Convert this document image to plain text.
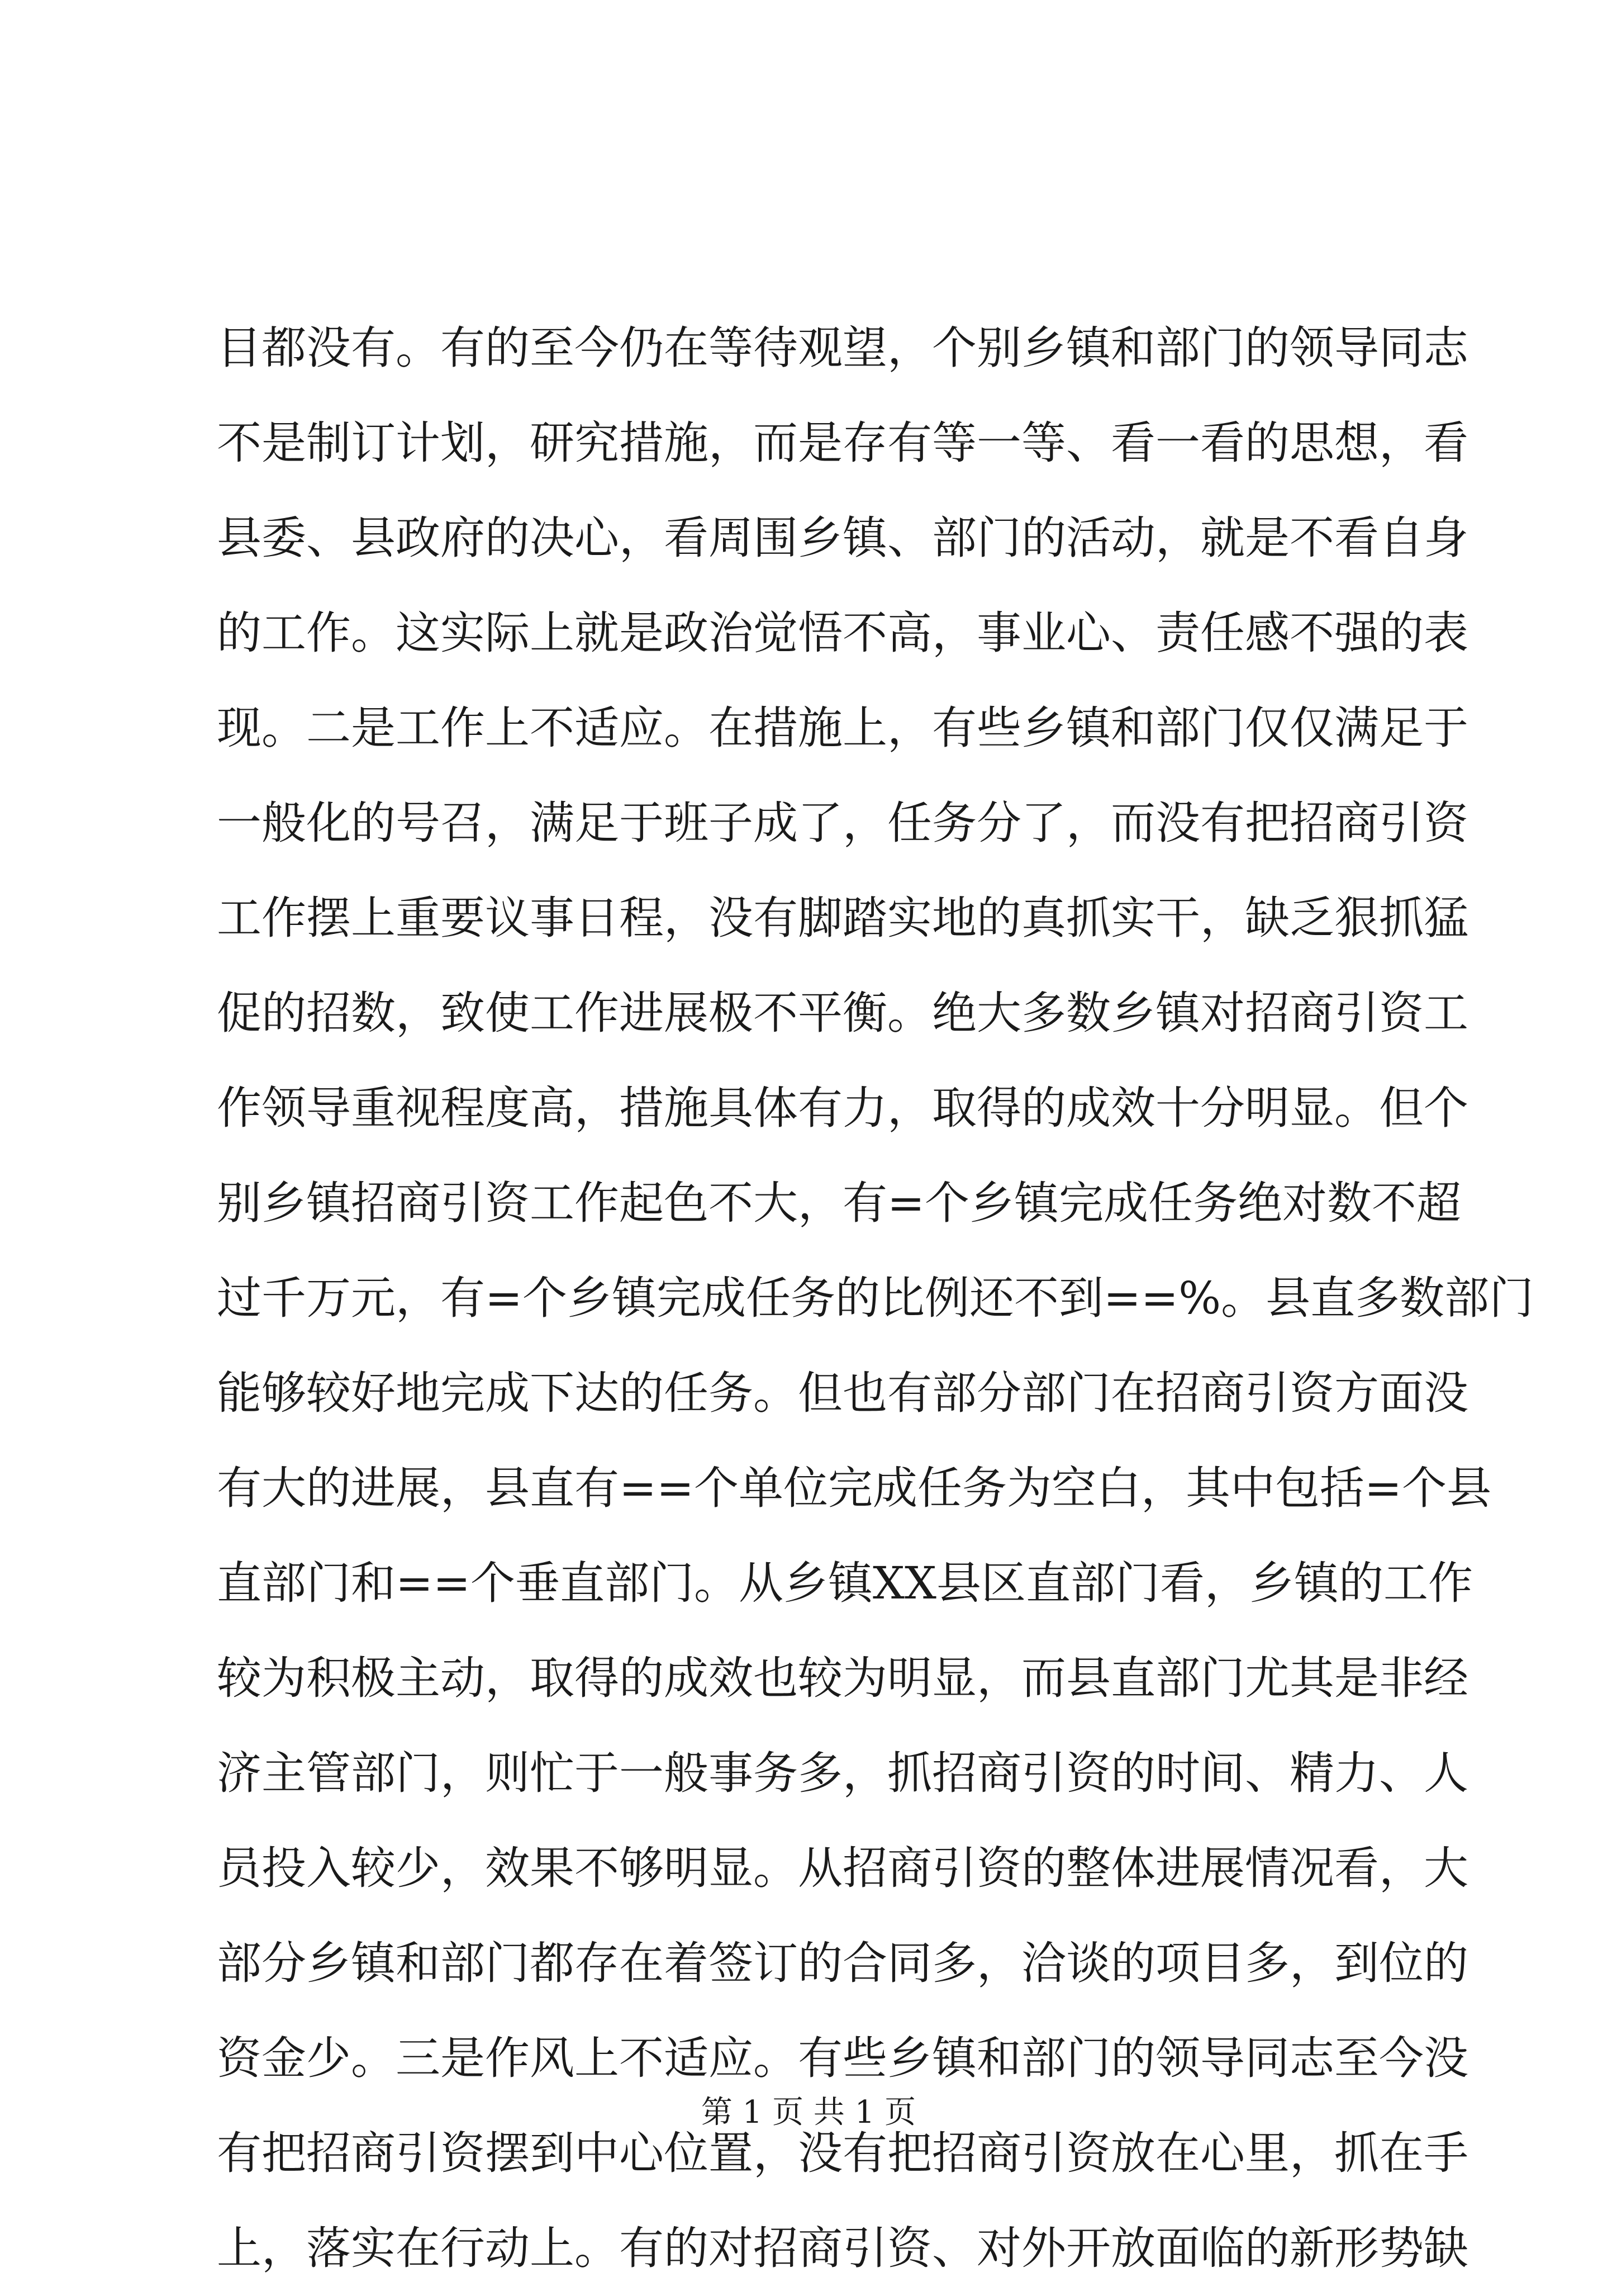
目都没有。有的至今仍在等待观望，个别乡镇和部门的领导同志
不是制订计划，研究措施，而是存有等一等、看一看的思想，看
县委、县政府的决心，看周围乡镇、部门的活动，就是不看自身
的工作。这实际上就是政治觉悟不高，事业心、责任感不强的表
现。二是工作上不适应。在措施上，有些乡镇和部门仅仅满足于
一般化的号召，满足于班子成了，任务分了，而没有把招商引资
工作摆上重要议事日程，没有脚踏实地的真抓实干，缺乏狠抓猛
促的招数，致使工作进展极不平衡。绝大多数乡镇对招商引资工
作领导重视程度高，措施具体有力，取得的成效十分明显。但个
别乡镇招商引资工作起色不大，有=个乡镇完成任务绝对数不超
过千万元，有=个乡镇完成任务的比例还不到==%。县直多数部门
能够较好地完成下达的任务。但也有部分部门在招商引资方面没
有大的进展，县直有==个单位完成任务为空白，其中包括=个县
直部门和==个垂直部门。从乡镇XX县区直部门看，乡镇的工作
较为积极主动，取得的成效也较为明显，而县直部门尤其是非经
济主管部门，则忙于一般事务多，抓招商引资的时间、精力、人
员投入较少，效果不够明显。从招商引资的整体进展情况看，大
部分乡镇和部门都存在着签订的合同多，洽谈的项目多，到位的
资金少。三是作风上不适应。有些乡镇和部门的领导同志至今没
有把招商引资摆到中心位置，没有把招商引资放在心里，抓在手
上，落实在行动上。有的对招商引资、对外开放面临的新形势缺
第 1 页 共 1 页
